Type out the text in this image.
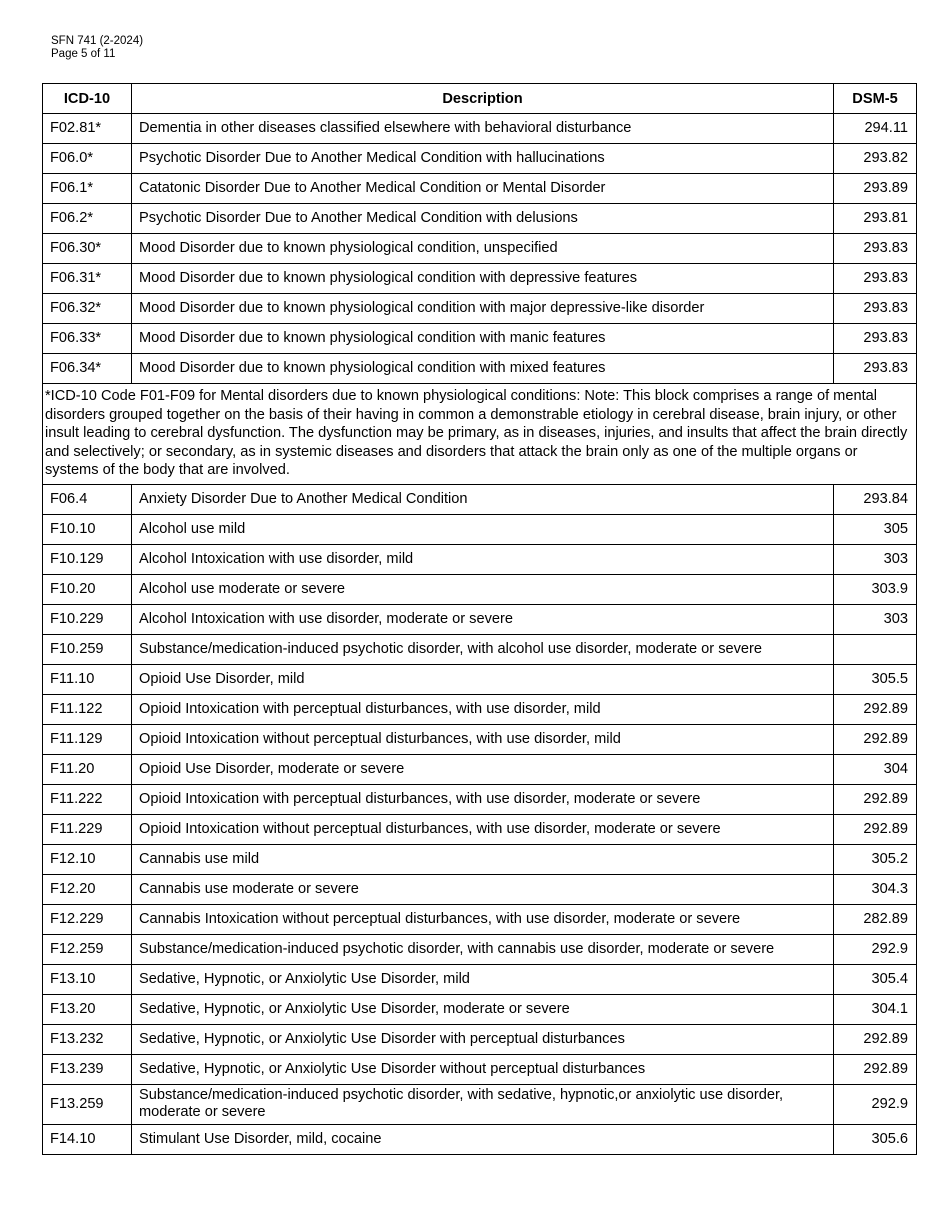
SFN 741 (2-2024)
Page 5 of 11
ICD-10	Description	DSM-5
F02.81*	Dementia in other diseases classified elsewhere with behavioral disturbance	294.11
F06.0*	Psychotic Disorder Due to Another Medical Condition with hallucinations	293.82
F06.1*	Catatonic Disorder Due to Another Medical Condition or Mental Disorder	293.89
F06.2*	Psychotic Disorder Due to Another Medical Condition with delusions	293.81
F06.30*	Mood Disorder due to known physiological condition, unspecified	293.83
F06.31*	Mood Disorder due to known physiological condition with depressive features	293.83
F06.32*	Mood Disorder due to known physiological condition with major depressive-like disorder	293.83
F06.33*	Mood Disorder due to known physiological condition with manic features	293.83
F06.34*	Mood Disorder due to known physiological condition with mixed features	293.83
*ICD-10 Code F01-F09 for Mental disorders due to known physiological conditions: Note: This block comprises a range of mental disorders grouped together on the basis of their having in common a demonstrable etiology in cerebral disease, brain injury, or other insult leading to cerebral dysfunction. The dysfunction may be primary, as in diseases, injuries, and insults that affect the brain directly and selectively; or secondary, as in systemic diseases and disorders that attack the brain only as one of the multiple organs or systems of the body that are involved.		
F06.4	Anxiety Disorder Due to Another Medical Condition	293.84
F10.10	Alcohol use mild	305
F10.129	Alcohol Intoxication with use disorder, mild	303
F10.20	Alcohol use moderate or severe	303.9
F10.229	Alcohol Intoxication with use disorder, moderate or severe	303
F10.259	Substance/medication-induced psychotic disorder, with alcohol use disorder, moderate or severe	
F11.10	Opioid Use Disorder, mild	305.5
F11.122	Opioid Intoxication with perceptual disturbances, with use disorder, mild	292.89
F11.129	Opioid Intoxication without perceptual disturbances, with use disorder, mild	292.89
F11.20	Opioid Use Disorder, moderate or severe	304
F11.222	Opioid Intoxication with perceptual disturbances, with use disorder, moderate or severe	292.89
F11.229	Opioid Intoxication without perceptual disturbances, with use disorder, moderate or severe	292.89
F12.10	Cannabis use mild	305.2
F12.20	Cannabis use moderate or severe	304.3
F12.229	Cannabis Intoxication without perceptual disturbances, with use disorder, moderate or severe	282.89
F12.259	Substance/medication-induced psychotic disorder, with cannabis use disorder, moderate or severe	292.9
F13.10	Sedative, Hypnotic, or Anxiolytic Use Disorder, mild	305.4
F13.20	Sedative, Hypnotic, or Anxiolytic Use Disorder, moderate or severe	304.1
F13.232	Sedative, Hypnotic, or Anxiolytic Use Disorder with perceptual disturbances	292.89
F13.239	Sedative, Hypnotic, or Anxiolytic Use Disorder without perceptual disturbances	292.89
F13.259	Substance/medication-induced psychotic disorder, with sedative, hypnotic,or anxiolytic use disorder, moderate or severe	292.9
F14.10	Stimulant Use Disorder, mild, cocaine	305.6
